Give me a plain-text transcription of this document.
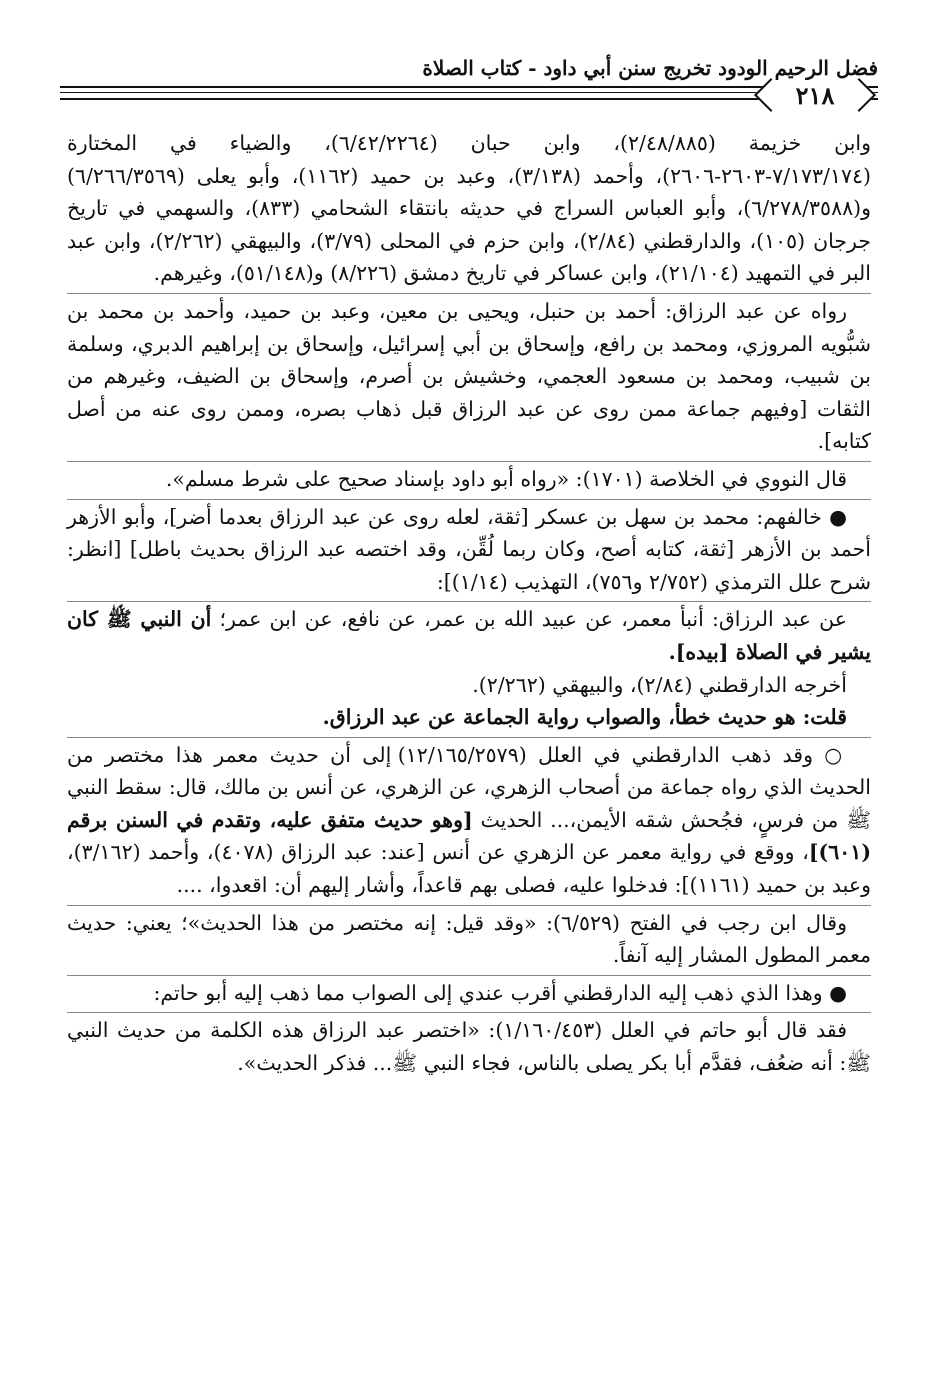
فضل الرحيم الودود تخريج سنن أبي داود - كتاب الصلاة
٢١٨

وابن خزيمة (٢/٤٨/٨٨٥)، وابن حبان (٦/٤٢/٢٢٦٤)، والضياء في المختارة (٧/١٧٣/١٧٤-٢٦٠٣-٢٦٠٦)، وأحمد (٣/١٣٨)، وعبد بن حميد (١١٦٢)، وأبو يعلى (٦/٢٦٦/٣٥٦٩) و(٦/٢٧٨/٣٥٨٨)، وأبو العباس السراج في حديثه بانتقاء الشحامي (٨٣٣)، والسهمي في تاريخ جرجان (١٠٥)، والدارقطني (٢/٨٤)، وابن حزم في المحلى (٣/٧٩)، والبيهقي (٢/٢٦٢)، وابن عبد البر في التمهيد (٢١/١٠٤)، وابن عساكر في تاريخ دمشق (٨/٢٢٦) و(٥١/١٤٨)، وغيرهم.

رواه عن عبد الرزاق: أحمد بن حنبل، ويحيى بن معين، وعبد بن حميد، وأحمد بن محمد بن شبُّويه المروزي، ومحمد بن رافع، وإسحاق بن أبي إسرائيل، وإسحاق بن إبراهيم الدبري، وسلمة بن شبيب، ومحمد بن مسعود العجمي، وخشيش بن أصرم، وإسحاق بن الضيف، وغيرهم من الثقات [وفيهم جماعة ممن روى عن عبد الرزاق قبل ذهاب بصره، وممن روى عنه من أصل كتابه].

قال النووي في الخلاصة (١٧٠١): «رواه أبو داود بإسناد صحيح على شرط مسلم».

● خالفهم: محمد بن سهل بن عسكر [ثقة، لعله روى عن عبد الرزاق بعدما أضر]، وأبو الأزهر أحمد بن الأزهر [ثقة، كتابه أصح، وكان ربما لُقِّن، وقد اختصه عبد الرزاق بحديث باطل] [انظر: شرح علل الترمذي (٢/٧٥٢ و٧٥٦)، التهذيب (١/١٤)]:

عن عبد الرزاق: أنبأ معمر، عن عبيد الله بن عمر، عن نافع، عن ابن عمر؛ أن النبي ﷺ كان يشير في الصلاة [بيده].

أخرجه الدارقطني (٢/٨٤)، والبيهقي (٢/٢٦٢).

قلت: هو حديث خطأ، والصواب رواية الجماعة عن عبد الرزاق.

○ وقد ذهب الدارقطني في العلل (١٢/١٦٥/٢٥٧٩) إلى أن حديث معمر هذا مختصر من الحديث الذي رواه جماعة من أصحاب الزهري، عن الزهري، عن أنس بن مالك، قال: سقط النبي ﷺ من فرسٍ، فجُحش شقه الأيمن،... الحديث [وهو حديث متفق عليه، وتقدم في السنن برقم (٦٠١)]، ووقع في رواية معمر عن الزهري عن أنس [عند: عبد الرزاق (٤٠٧٨)، وأحمد (٣/١٦٢)، وعبد بن حميد (١١٦١)]: فدخلوا عليه، فصلى بهم قاعداً، وأشار إليهم أن: اقعدوا، ....

وقال ابن رجب في الفتح (٦/٥٢٩): «وقد قيل: إنه مختصر من هذا الحديث»؛ يعني: حديث معمر المطول المشار إليه آنفاً.

● وهذا الذي ذهب إليه الدارقطني أقرب عندي إلى الصواب مما ذهب إليه أبو حاتم:

فقد قال أبو حاتم في العلل (١/١٦٠/٤٥٣): «اختصر عبد الرزاق هذه الكلمة من حديث النبي ﷺ: أنه ضعُف، فقدَّم أبا بكر يصلى بالناس، فجاء النبي ﷺ... فذكر الحديث».
